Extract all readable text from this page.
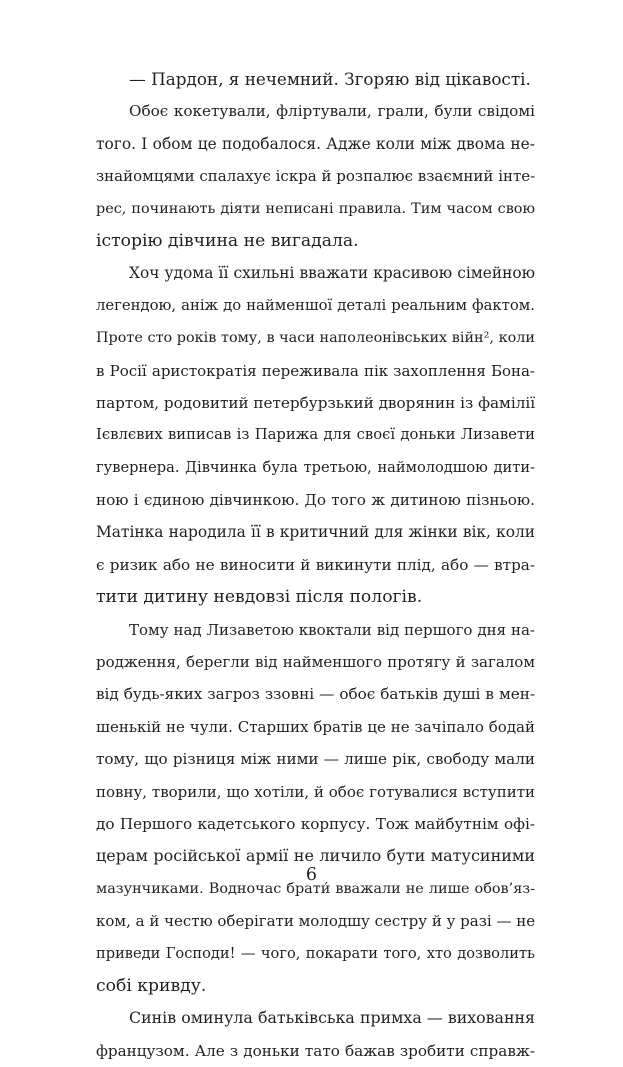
— Пардон, я нечемний. Згоряю від цікавості.
Обоє кокетували, фліртували, грали, були свідомі
того. І обом це подобалося. Адже коли між двома не-
знайомцями спалахує іскра й розпалює взаємний інте-
рес, починають діяти неписані правила. Тим часом свою
історію дівчина не вигадала.
Хоч удома її схильні вважати красивою сімейною
легендою, аніж до найменшої деталі реальним фактом.
Проте сто років тому, в часи наполеонівських війн², коли
в Росії аристократія переживала пік захоплення Бона-
партом, родовитий петербурзький дворянин із фамілії
Ієвлєвих виписав із Парижа для своєї доньки Лизавети
гувернера. Дівчинка була третьою, наймолодшою дити-
ною і єдиною дівчинкою. До того ж дитиною пізньою.
Матінка народила її в критичний для жінки вік, коли
є ризик або не виносити й викинути плід, або — втра-
тити дитину невдовзі після пологів.
Тому над Лизаветою квоктали від першого дня на-
родження, берегли від найменшого протягу й загалом
від будь-яких загроз ззовні — обоє батьків душі в мен-
шенькій не чули. Старших братів це не зачіпало бодай
тому, що різниця між ними — лише рік, свободу мали
повну, творили, що хотіли, й обоє готувалися вступити
до Першого кадетського корпусу. Тож майбутнім офі-
церам російської армії не личило бути матусиними
мазунчиками. Водночас брати́ вважали не лише обов’яз-
ком, а й честю оберігати молодшу сестру й у разі — не
приведи Господи! — чого, покарати того, хто дозволить
собі кривду.
Синів оминула батьківська примха — виховання
французом. Але з доньки тато бажав зробити справж-
6
